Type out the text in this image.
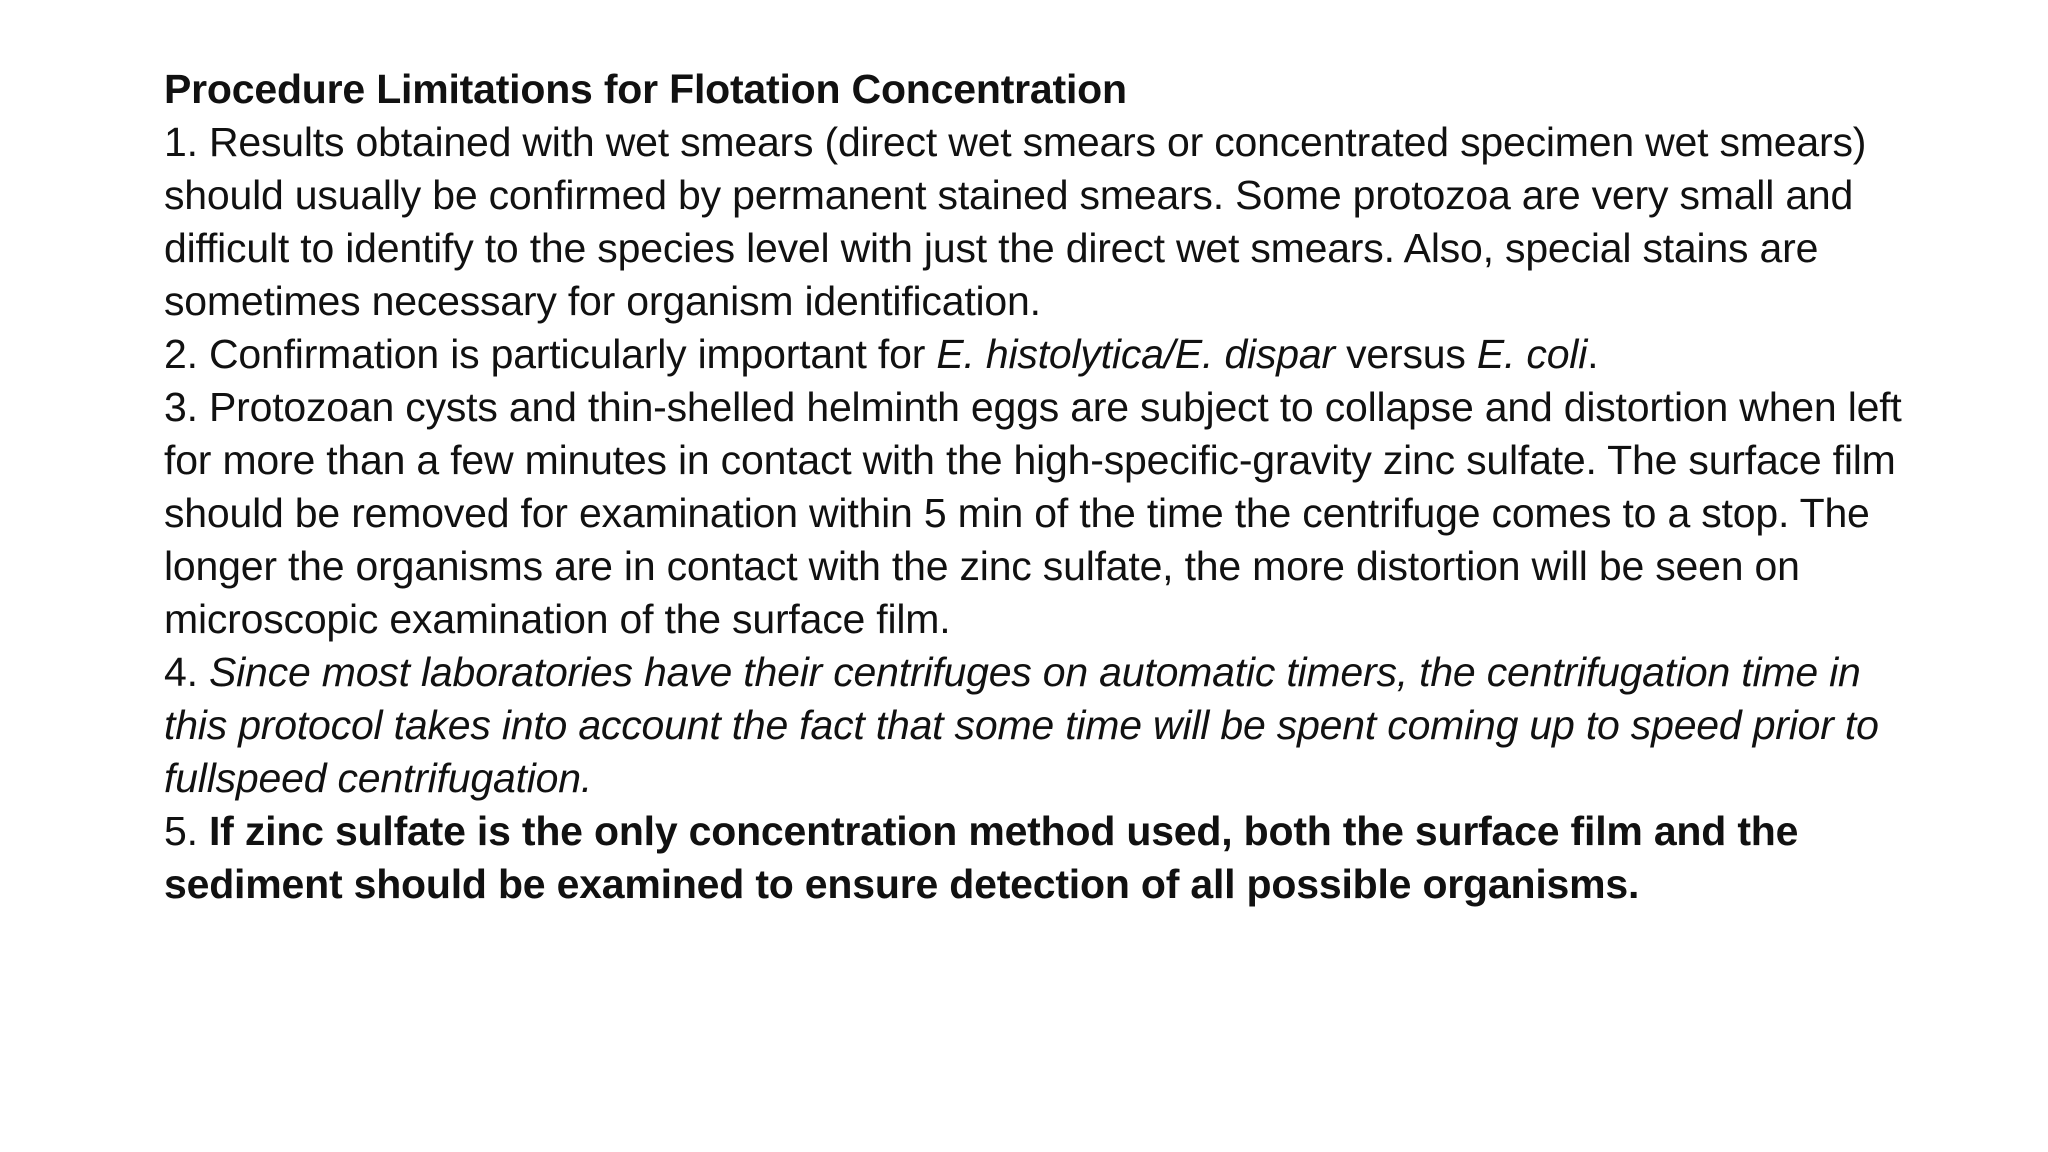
Procedure Limitations for Flotation Concentration

1. Results obtained with wet smears (direct wet smears or concentrated specimen wet smears) should usually be confirmed by permanent stained smears. Some protozoa are very small and difficult to identify to the species level with just the direct wet smears. Also, special stains are sometimes necessary for organism identification.

2. Confirmation is particularly important for E. histolytica/E. dispar versus E. coli.

3. Protozoan cysts and thin-shelled helminth eggs are subject to collapse and distortion when left for more than a few minutes in contact with the high-specific-gravity zinc sulfate. The surface film should be removed for examination within 5 min of the time the centrifuge comes to a stop. The longer the organisms are in contact with the zinc sulfate, the more distortion will be seen on microscopic examination of the surface film.

4. Since most laboratories have their centrifuges on automatic timers, the centrifugation time in this protocol takes into account the fact that some time will be spent coming up to speed prior to fullspeed centrifugation.

5. If zinc sulfate is the only concentration method used, both the surface film and the sediment should be examined to ensure detection of all possible organisms.
